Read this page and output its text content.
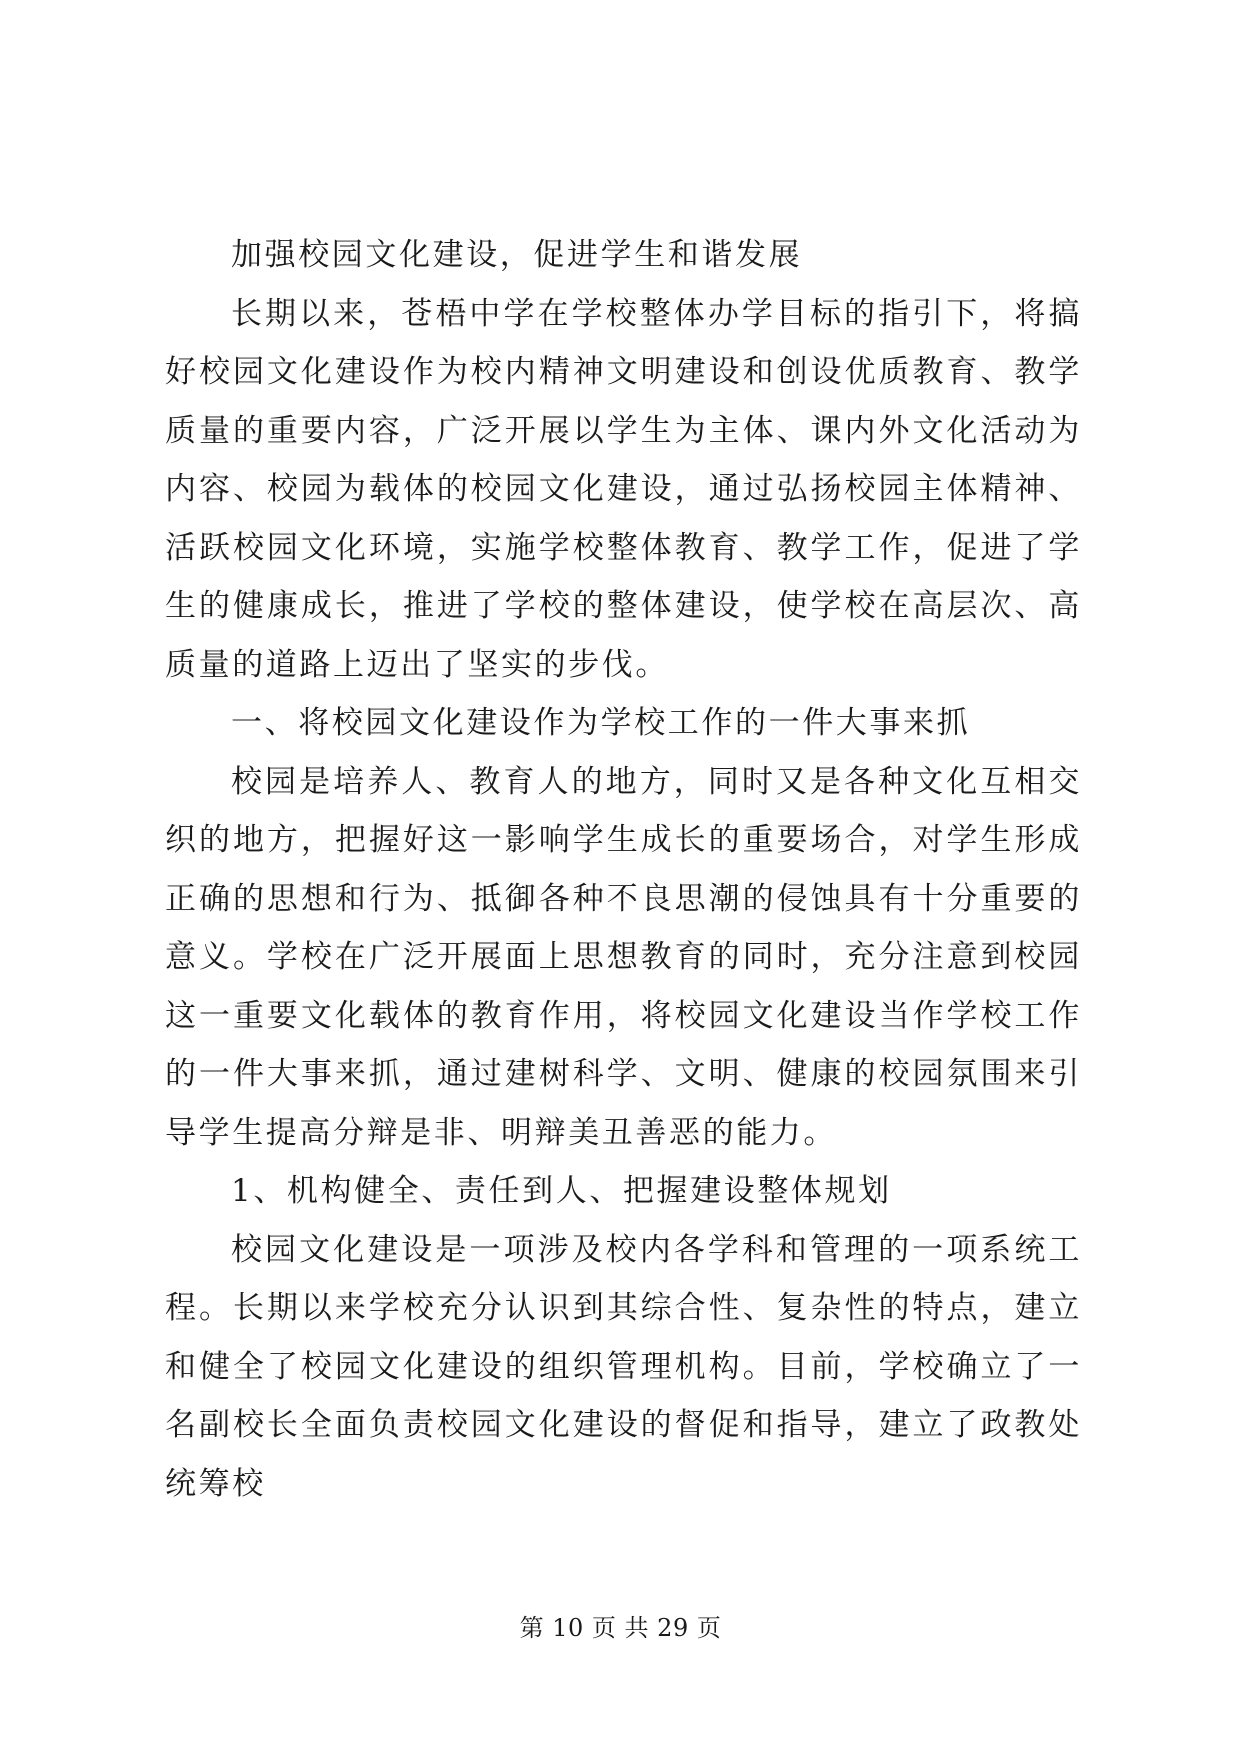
加强校园文化建设，促进学生和谐发展

长期以来，苍梧中学在学校整体办学目标的指引下，将搞好校园文化建设作为校内精神文明建设和创设优质教育、教学质量的重要内容，广泛开展以学生为主体、课内外文化活动为内容、校园为载体的校园文化建设，通过弘扬校园主体精神、活跃校园文化环境，实施学校整体教育、教学工作，促进了学生的健康成长，推进了学校的整体建设，使学校在高层次、高质量的道路上迈出了坚实的步伐。

一、将校园文化建设作为学校工作的一件大事来抓

校园是培养人、教育人的地方，同时又是各种文化互相交织的地方，把握好这一影响学生成长的重要场合，对学生形成正确的思想和行为、抵御各种不良思潮的侵蚀具有十分重要的意义。学校在广泛开展面上思想教育的同时，充分注意到校园这一重要文化载体的教育作用，将校园文化建设当作学校工作的一件大事来抓，通过建树科学、文明、健康的校园氛围来引导学生提高分辩是非、明辩美丑善恶的能力。

1、机构健全、责任到人、把握建设整体规划

校园文化建设是一项涉及校内各学科和管理的一项系统工程。长期以来学校充分认识到其综合性、复杂性的特点，建立和健全了校园文化建设的组织管理机构。目前，学校确立了一名副校长全面负责校园文化建设的督促和指导，建立了政教处统筹校

第 10 页 共 29 页
